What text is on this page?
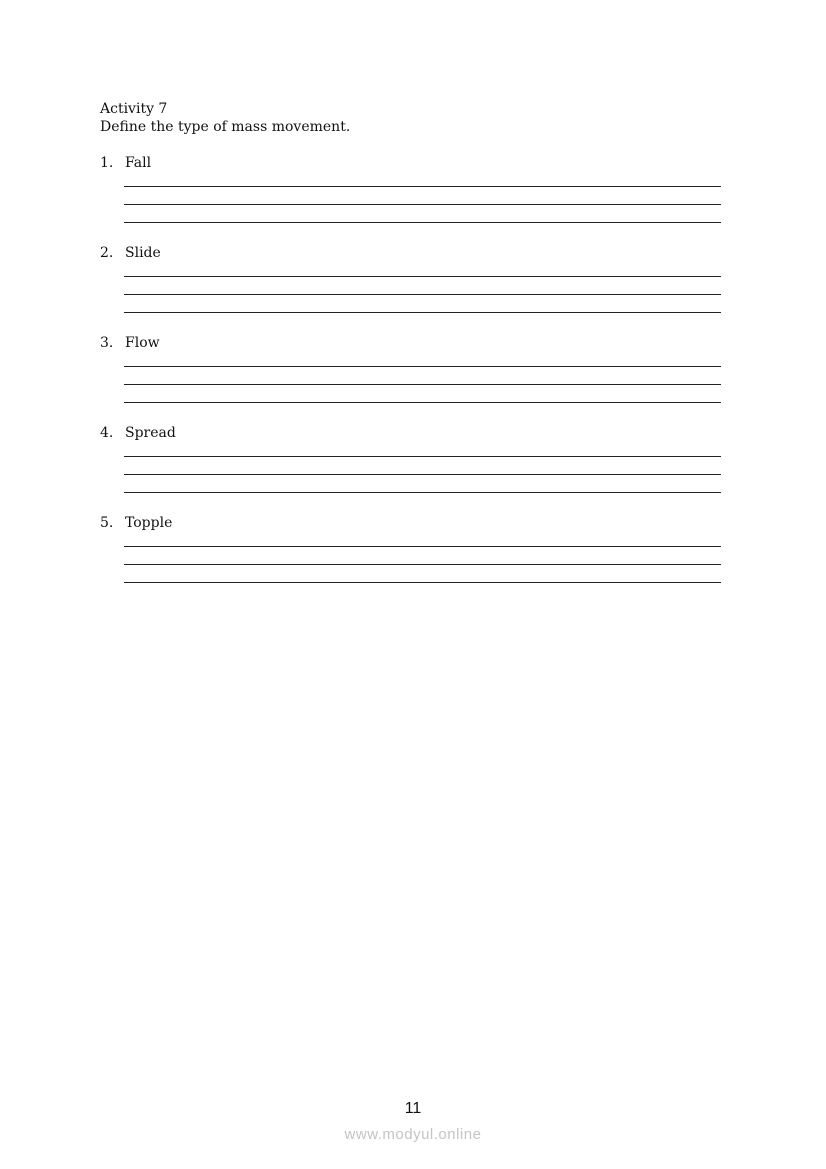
Activity 7
Define the type of mass movement.
1. Fall
2. Slide
3. Flow
4. Spread
5. Topple
11
www.modyul.online
